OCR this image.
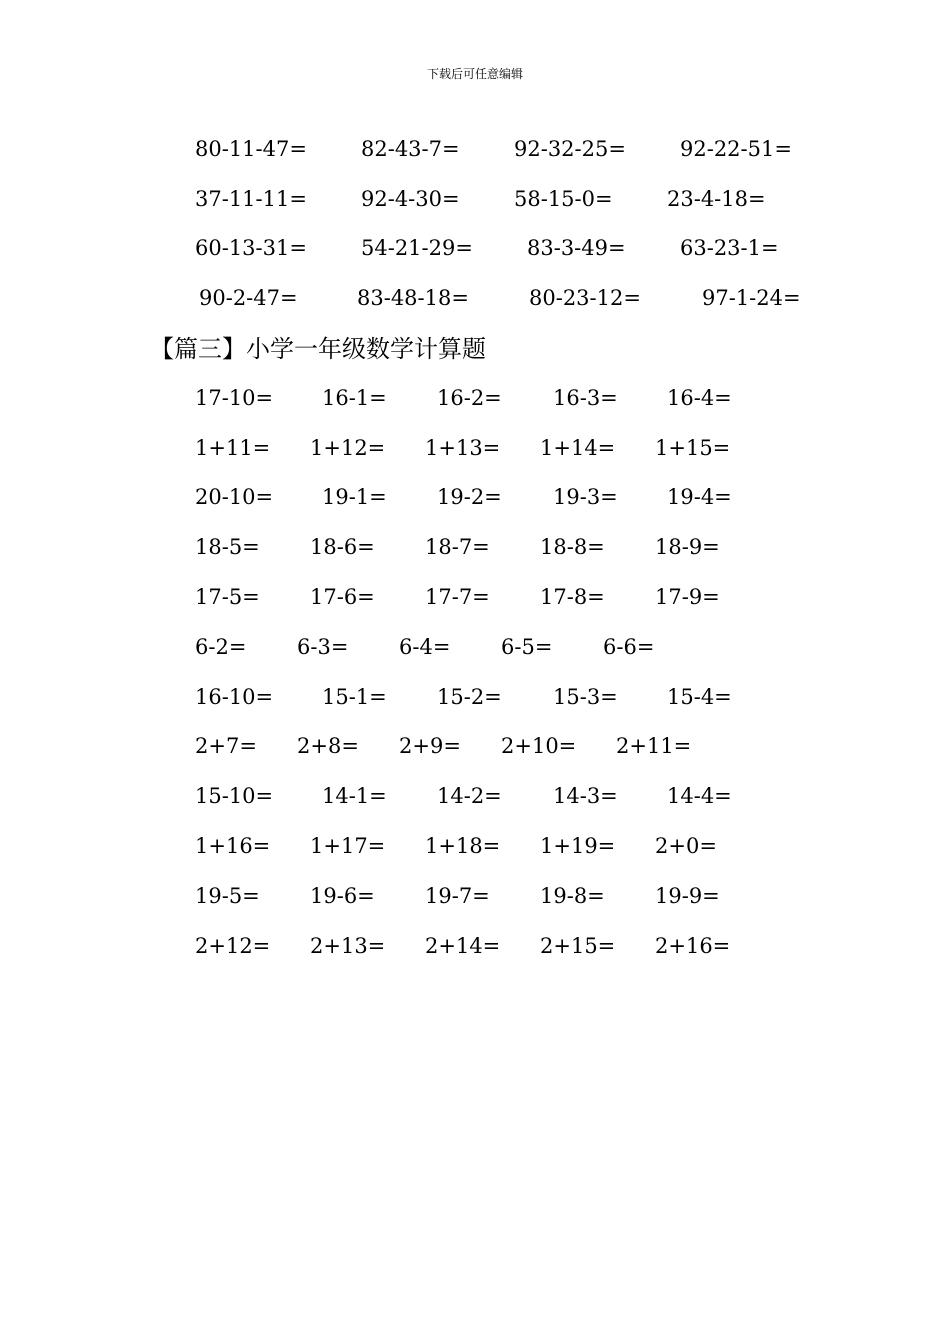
下载后可任意编辑
80-11-47=	82-43-7=	92-32-25=	92-22-51=
37-11-11=	92-4-30=	58-15-0=	23-4-18=
60-13-31=	54-21-29=	83-3-49=	63-23-1=
90-2-47=	83-48-18=	80-23-12=	97-1-24=
【篇三】小学一年级数学计算题
17-10= 16-1= 16-2= 16-3= 16-4=
1+11= 1+12= 1+13= 1+14= 1+15=
20-10= 19-1= 19-2= 19-3= 19-4=
18-5= 18-6= 18-7= 18-8= 18-9=
17-5= 17-6= 17-7= 17-8= 17-9=
6-2= 6-3= 6-4= 6-5= 6-6=
16-10= 15-1= 15-2= 15-3= 15-4=
2+7= 2+8= 2+9= 2+10= 2+11=
15-10= 14-1= 14-2= 14-3= 14-4=
1+16= 1+17= 1+18= 1+19= 2+0=
19-5= 19-6= 19-7= 19-8= 19-9=
2+12= 2+13= 2+14= 2+15= 2+16=
